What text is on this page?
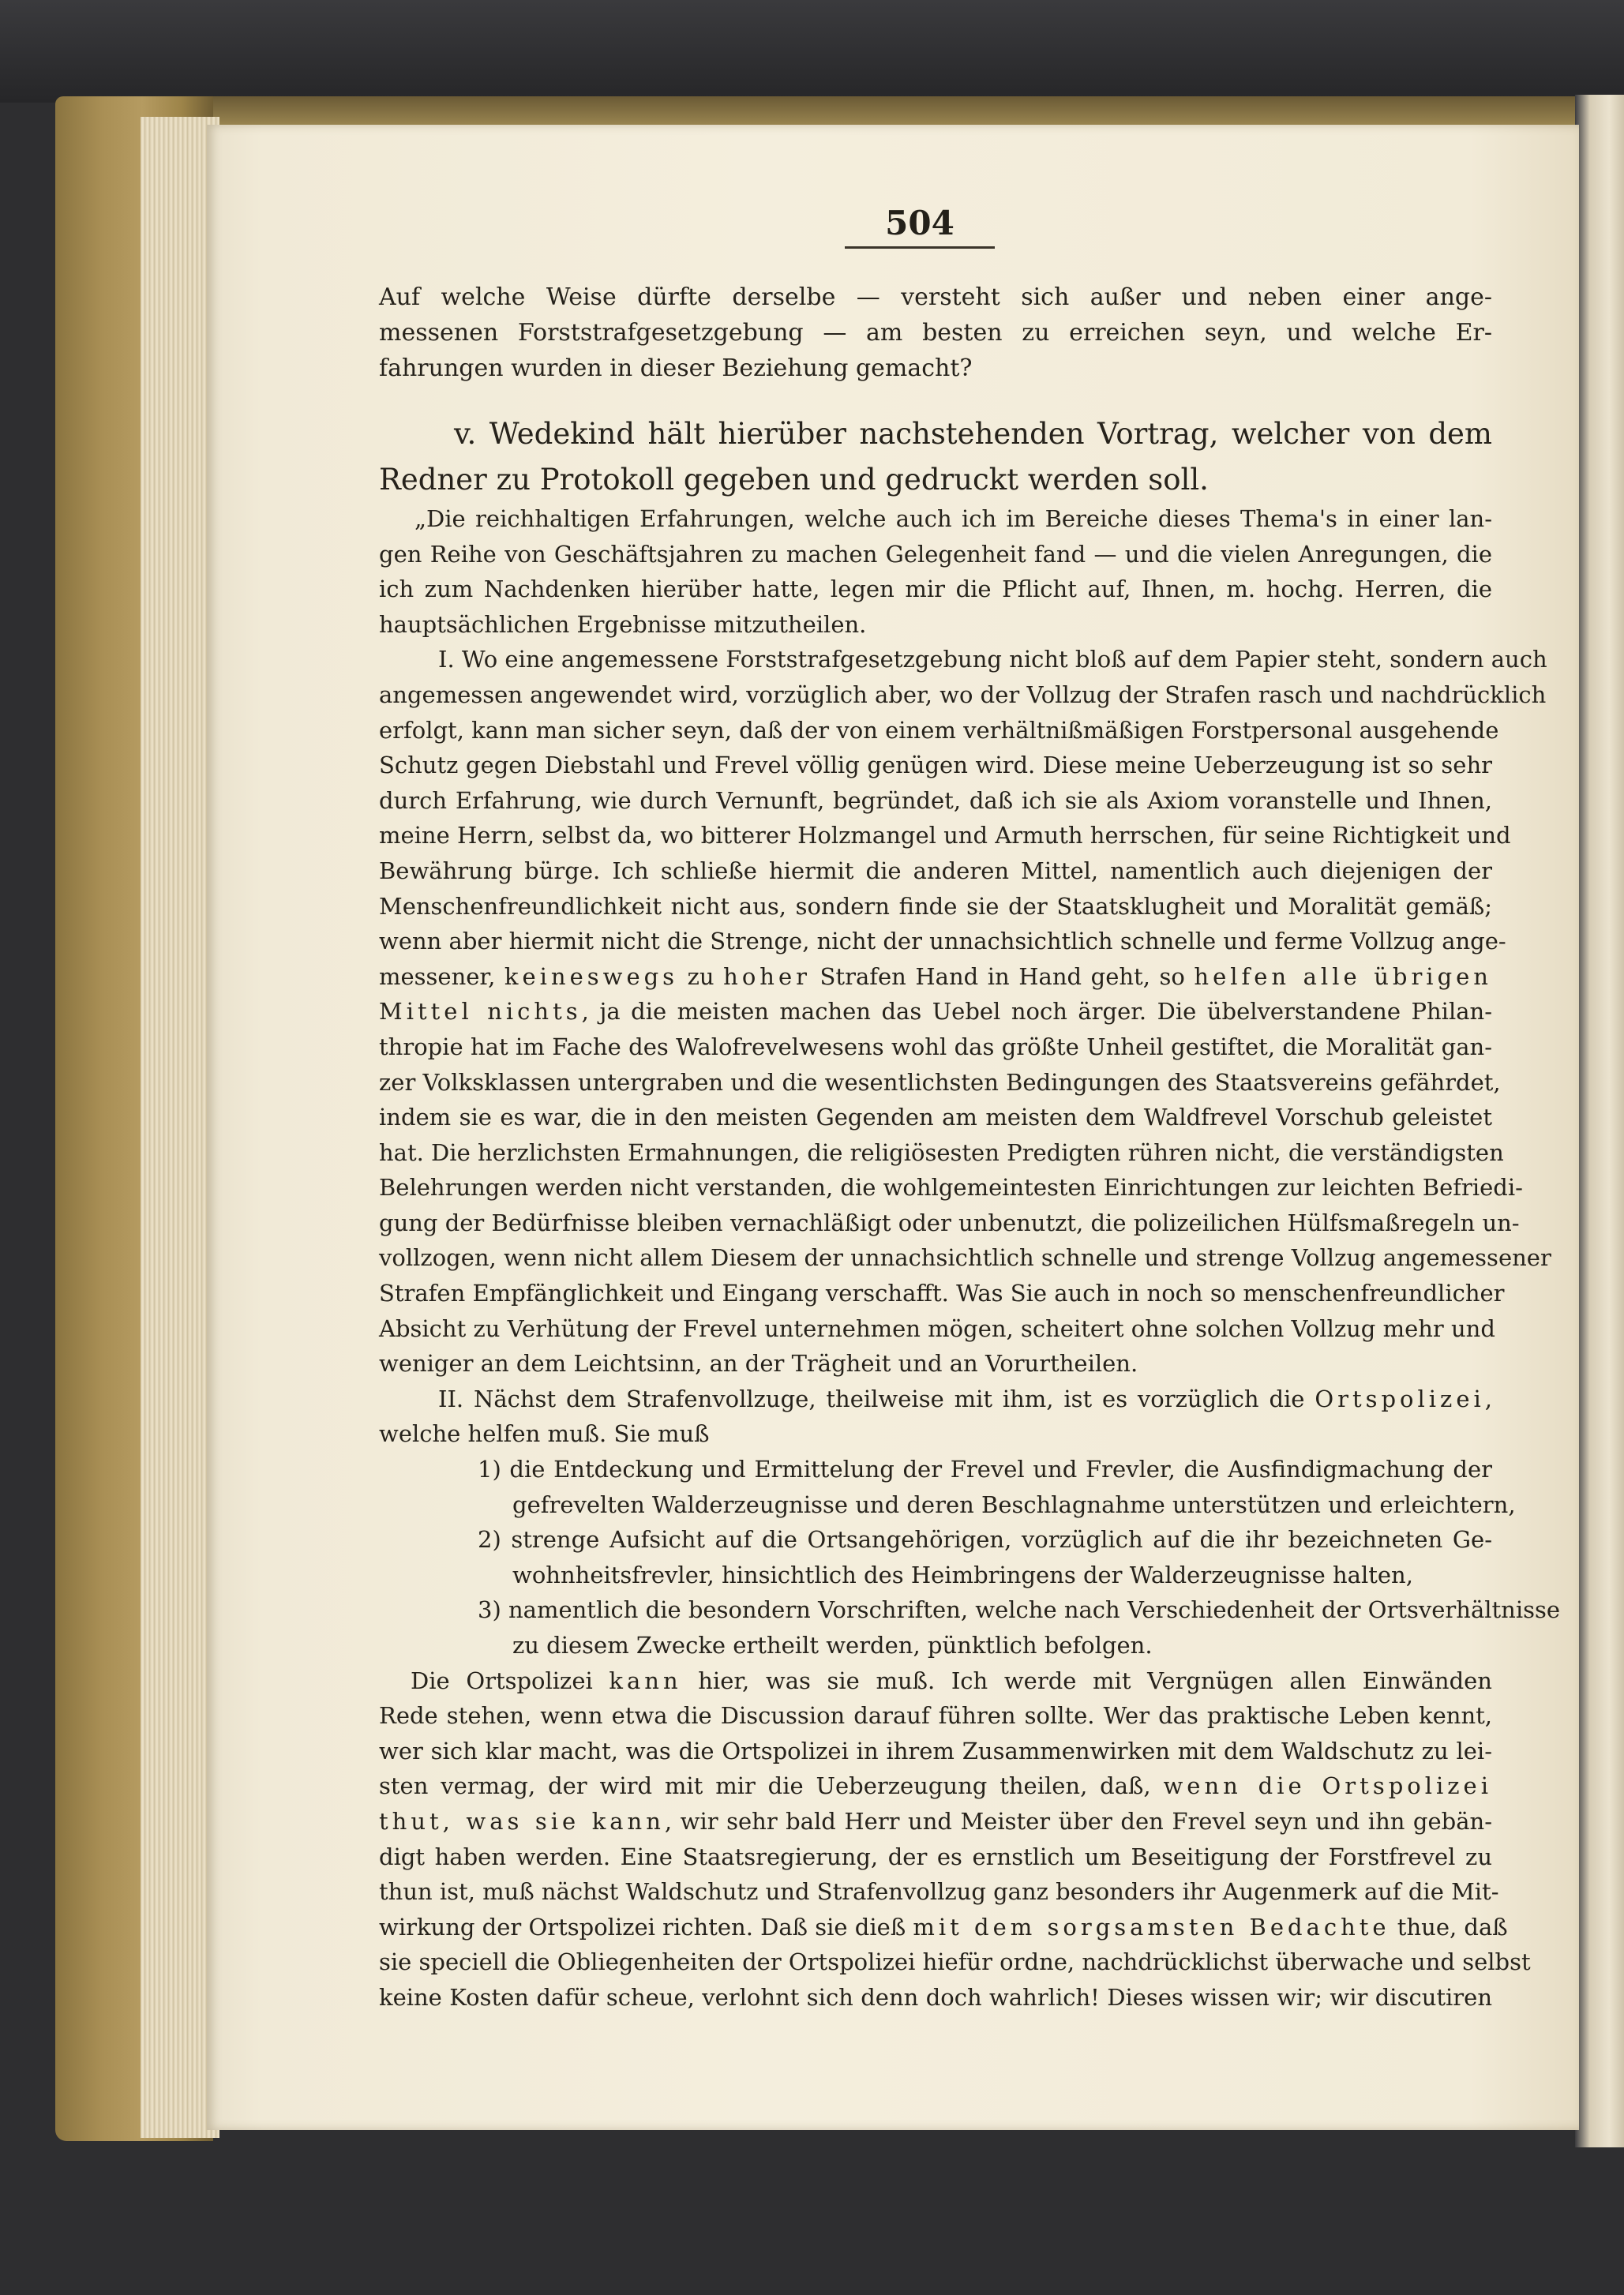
504
Auf welche Weise dürfte derselbe — versteht sich außer und neben einer ange-
messenen Forststrafgesetzgebung — am besten zu erreichen seyn, und welche Er-
fahrungen wurden in dieser Beziehung gemacht?
v. Wedekind hält hierüber nachstehenden Vortrag, welcher von dem
Redner zu Protokoll gegeben und gedruckt werden soll.
„Die reichhaltigen Erfahrungen, welche auch ich im Bereiche dieses Thema's in einer lan-
gen Reihe von Geschäftsjahren zu machen Gelegenheit fand — und die vielen Anregungen, die
ich zum Nachdenken hierüber hatte, legen mir die Pflicht auf, Ihnen, m. hochg. Herren, die
hauptsächlichen Ergebnisse mitzutheilen.
I. Wo eine angemessene Forststrafgesetzgebung nicht bloß auf dem Papier steht, sondern auch
angemessen angewendet wird, vorzüglich aber, wo der Vollzug der Strafen rasch und nachdrücklich
erfolgt, kann man sicher seyn, daß der von einem verhältnißmäßigen Forstpersonal ausgehende
Schutz gegen Diebstahl und Frevel völlig genügen wird. Diese meine Ueberzeugung ist so sehr
durch Erfahrung, wie durch Vernunft, begründet, daß ich sie als Axiom voranstelle und Ihnen,
meine Herrn, selbst da, wo bitterer Holzmangel und Armuth herrschen, für seine Richtigkeit und
Bewährung bürge. Ich schließe hiermit die anderen Mittel, namentlich auch diejenigen der
Menschenfreundlichkeit nicht aus, sondern finde sie der Staatsklugheit und Moralität gemäß;
wenn aber hiermit nicht die Strenge, nicht der unnachsichtlich schnelle und ferme Vollzug ange-
messener, keineswegs zu hoher Strafen Hand in Hand geht, so helfen alle übrigen
Mittel nichts, ja die meisten machen das Uebel noch ärger. Die übelverstandene Philan-
thropie hat im Fache des Walofrevelwesens wohl das größte Unheil gestiftet, die Moralität gan-
zer Volksklassen untergraben und die wesentlichsten Bedingungen des Staatsvereins gefährdet,
indem sie es war, die in den meisten Gegenden am meisten dem Waldfrevel Vorschub geleistet
hat. Die herzlichsten Ermahnungen, die religiösesten Predigten rühren nicht, die verständigsten
Belehrungen werden nicht verstanden, die wohlgemeintesten Einrichtungen zur leichten Befriedi-
gung der Bedürfnisse bleiben vernachläßigt oder unbenutzt, die polizeilichen Hülfsmaßregeln un-
vollzogen, wenn nicht allem Diesem der unnachsichtlich schnelle und strenge Vollzug angemessener
Strafen Empfänglichkeit und Eingang verschafft. Was Sie auch in noch so menschenfreundlicher
Absicht zu Verhütung der Frevel unternehmen mögen, scheitert ohne solchen Vollzug mehr und
weniger an dem Leichtsinn, an der Trägheit und an Vorurtheilen.
II. Nächst dem Strafenvollzuge, theilweise mit ihm, ist es vorzüglich die Ortspolizei,
welche helfen muß. Sie muß
1) die Entdeckung und Ermittelung der Frevel und Frevler, die Ausfindigmachung der
gefrevelten Walderzeugnisse und deren Beschlagnahme unterstützen und erleichtern,
2) strenge Aufsicht auf die Ortsangehörigen, vorzüglich auf die ihr bezeichneten Ge-
wohnheitsfrevler, hinsichtlich des Heimbringens der Walderzeugnisse halten,
3) namentlich die besondern Vorschriften, welche nach Verschiedenheit der Ortsverhältnisse
zu diesem Zwecke ertheilt werden, pünktlich befolgen.
Die Ortspolizei kann hier, was sie muß. Ich werde mit Vergnügen allen Einwänden
Rede stehen, wenn etwa die Discussion darauf führen sollte. Wer das praktische Leben kennt,
wer sich klar macht, was die Ortspolizei in ihrem Zusammenwirken mit dem Waldschutz zu lei-
sten vermag, der wird mit mir die Ueberzeugung theilen, daß, wenn die Ortspolizei
thut, was sie kann, wir sehr bald Herr und Meister über den Frevel seyn und ihn gebän-
digt haben werden. Eine Staatsregierung, der es ernstlich um Beseitigung der Forstfrevel zu
thun ist, muß nächst Waldschutz und Strafenvollzug ganz besonders ihr Augenmerk auf die Mit-
wirkung der Ortspolizei richten. Daß sie dieß mit dem sorgsamsten Bedachte thue, daß
sie speciell die Obliegenheiten der Ortspolizei hiefür ordne, nachdrücklichst überwache und selbst
keine Kosten dafür scheue, verlohnt sich denn doch wahrlich! Dieses wissen wir; wir discutiren
